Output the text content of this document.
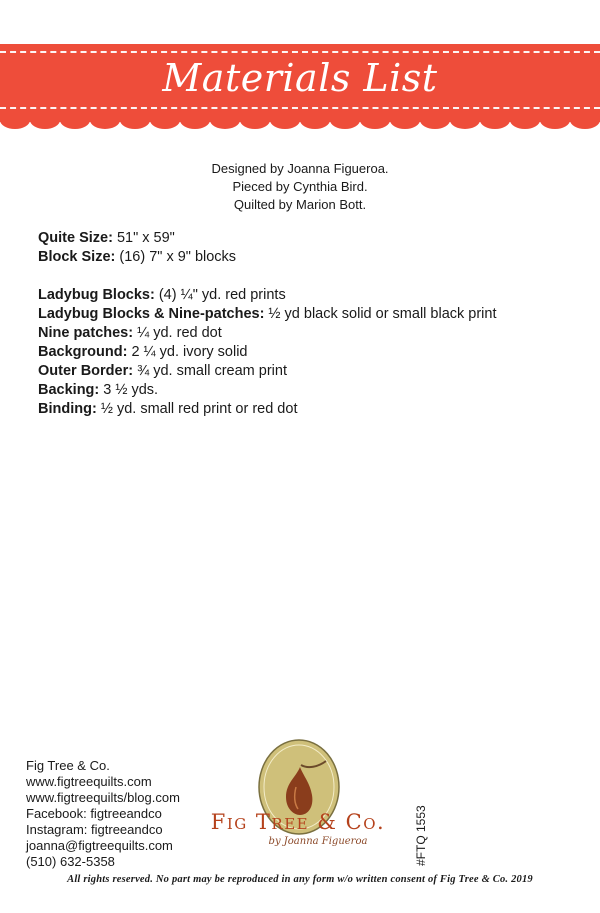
Materials List
Designed by Joanna Figueroa.
Pieced by Cynthia Bird.
Quilted by Marion Bott.
Quite Size: 51" x 59"
Block Size: (16) 7" x 9" blocks
Ladybug Blocks: (4) ¼" yd. red prints
Ladybug Blocks & Nine-patches: ½ yd black solid or small black print
Nine patches: ¼ yd. red dot
Background: 2 ¼ yd. ivory solid
Outer Border: ¾ yd. small cream print
Backing: 3 ½ yds.
Binding: ½ yd. small red print or red dot
Fig Tree & Co.
www.figtreequilts.com
www.figtreequilts/blog.com
Facebook: figtreeandco
Instagram: figtreeandco
joanna@figtreequilts.com
(510) 632-5358
Fig Tree & Co.
by Joanna Figueroa	#FTQ 1553
All rights reserved. No part may be reproduced in any form w/o written consent of Fig Tree & Co. 2019
